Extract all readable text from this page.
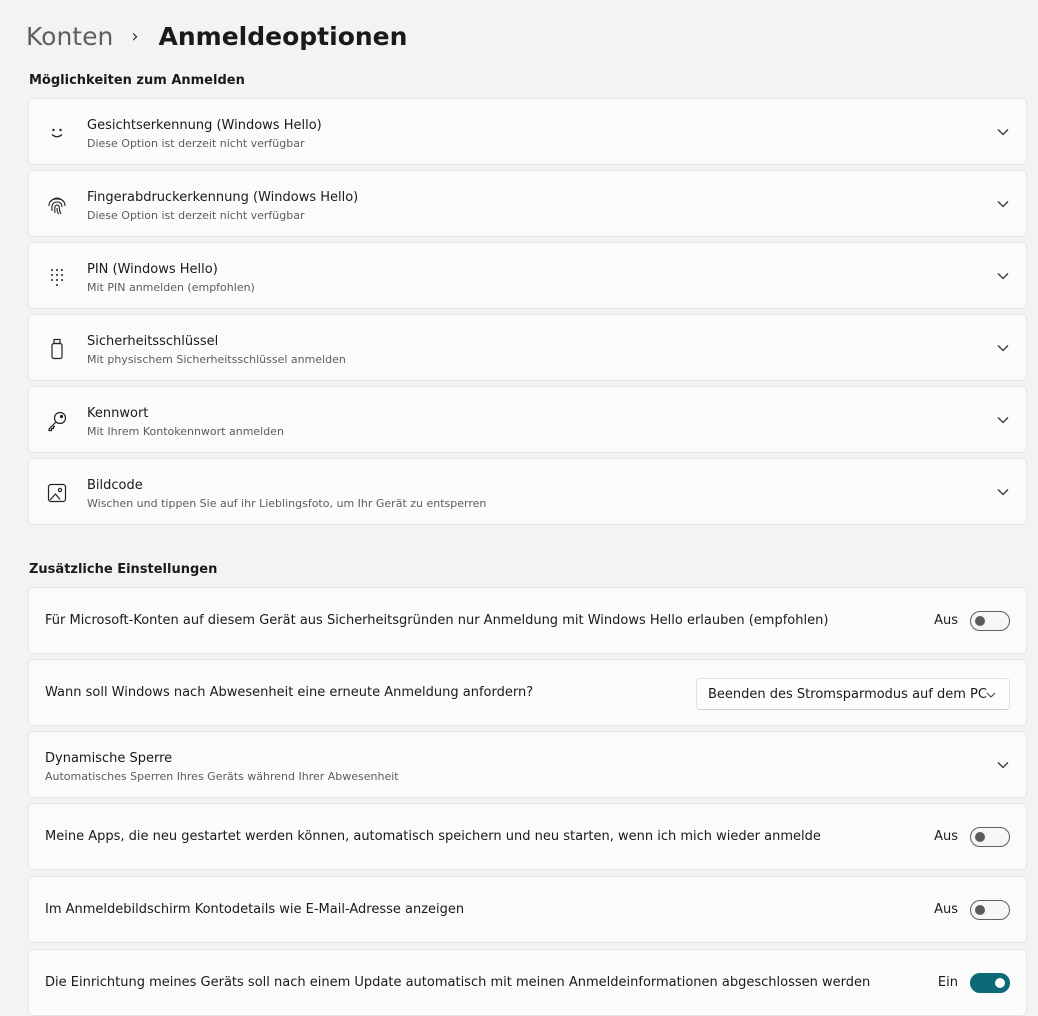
Konten › Anmeldeoptionen
Möglichkeiten zum Anmelden
Gesichtserkennung (Windows Hello)
Diese Option ist derzeit nicht verfügbar
Fingerabdruckerkennung (Windows Hello)
Diese Option ist derzeit nicht verfügbar
PIN (Windows Hello)
Mit PIN anmelden (empfohlen)
Sicherheitsschlüssel
Mit physischem Sicherheitsschlüssel anmelden
Kennwort
Mit Ihrem Kontokennwort anmelden
Bildcode
Wischen und tippen Sie auf ihr Lieblingsfoto, um Ihr Gerät zu entsperren
Zusätzliche Einstellungen
Für Microsoft-Konten auf diesem Gerät aus Sicherheitsgründen nur Anmeldung mit Windows Hello erlauben (empfohlen)	Aus
Wann soll Windows nach Abwesenheit eine erneute Anmeldung anfordern?	Beenden des Stromsparmodus auf dem PC
Dynamische Sperre
Automatisches Sperren Ihres Geräts während Ihrer Abwesenheit
Meine Apps, die neu gestartet werden können, automatisch speichern und neu starten, wenn ich mich wieder anmelde	Aus
Im Anmeldebildschirm Kontodetails wie E-Mail-Adresse anzeigen	Aus
Die Einrichtung meines Geräts soll nach einem Update automatisch mit meinen Anmeldeinformationen abgeschlossen werden	Ein
